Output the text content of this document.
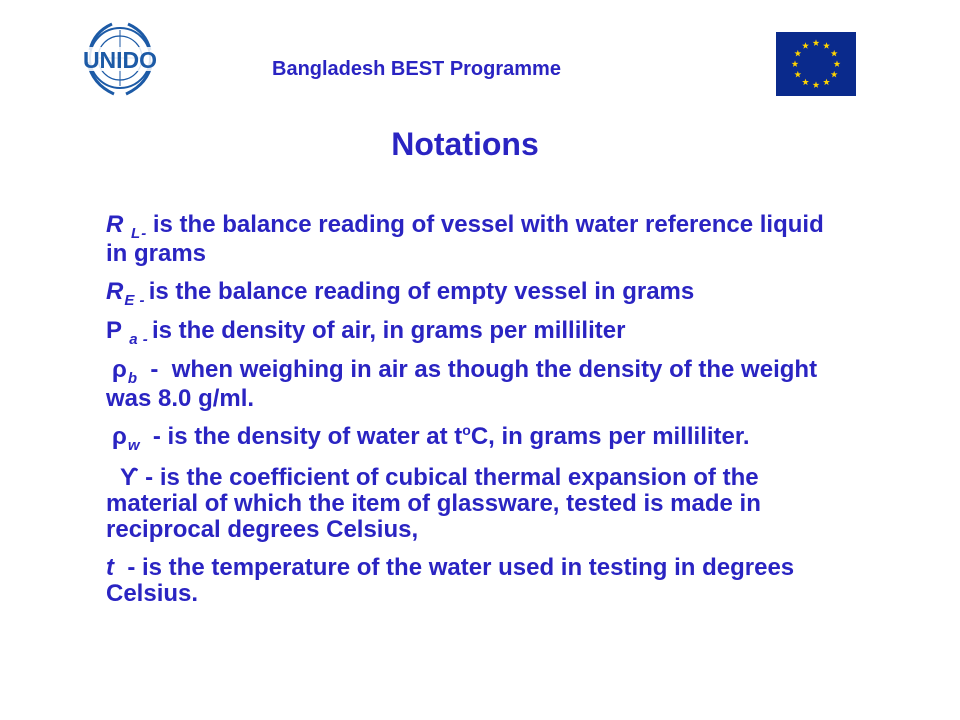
UNIDO	Bangladesh BEST Programme
Notations

R $_{L-}$ is the balance reading of vessel with water reference liquid in grams

$R_E$ $_-$ is the balance reading of empty vessel in grams

P $_a$ $_-$ is the density of air, in grams per milliliter

$\rho_b$  -  when weighing in air as though the density of the weight was 8.0 g/ml.

$\rho_w$  - is the density of water at $t^oC$, in grams per milliliter.

ϒ - is the coefficient of cubical thermal expansion of the material of which the item of glassware, tested is made in reciprocal degrees Celsius,

t  - is the temperature of the water used in testing in degrees Celsius.
